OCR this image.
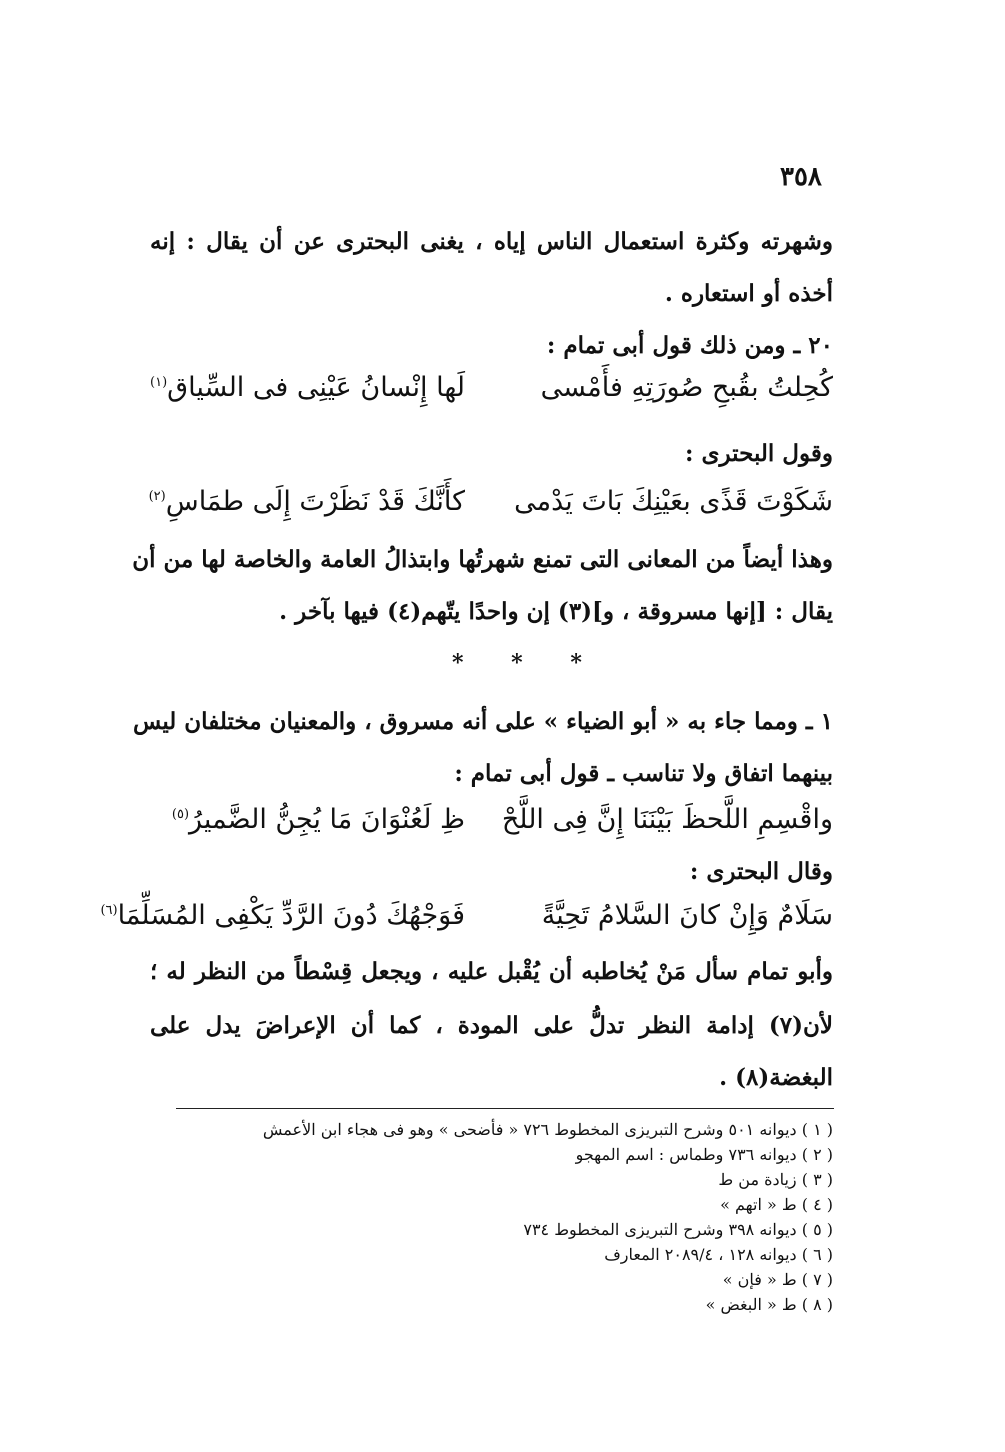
٣٥٨
وشهرته وكثرة استعمال الناس إياه ، يغنى البحترى عن أن يقال : إنه
أخذه أو استعاره .
٢٠ ـ ومن ذلك قول أبى تمام :
كُحِلتُ بقُبحِ صُورَتِهِ فأَمْسى
لَها إِنْسانُ عَيْنِى فى السِّياق$^{(١)}$
وقول البحترى :
شَكَوْتَ قَذًى بعَيْنِكَ بَاتَ يَدْمى
كأَنَّكَ قَدْ نَظَرْتَ إِلَى طمَاسِ$^{(٢)}$
وهذا أيضاً من المعانى التى تمنع شهرتُها وابتذالُ العامة والخاصة لها من أن
يقال : [إنها مسروقة ، و](٣) إن واحدًا يتّهم(٤) فيها بآخر .
* * *
١ ـ ومما جاء به « أبو الضياء » على أنه مسروق ، والمعنيان مختلفان ليس
بينهما اتفاق ولا تناسب ـ قول أبى تمام :
واقْسِمِ اللَّحظَ بَيْنَنَا إِنَّ فِى اللَّحْ
ظِ لَعُنْوَانَ مَا يُجِنُّ الضَّميرُ$^{(٥)}$
وقال البحترى :
سَلَامٌ وَإِنْ كانَ السَّلامُ تَحِيَّةً
فَوَجْهُكَ دُونَ الرَّدِّ يَكْفِى المُسَلِّمَا$^{(٦)}$
وأبو تمام سأل مَنْ يُخاطبه أن يُقْبل عليه ، ويجعل قِسْطاً من النظر له ؛
لأن(٧) إدامة النظر تدلُّ على المودة ، كما أن الإعراضَ يدل على
البغضة(٨) .
( ١ ) ديوانه ٥٠١ وشرح التبريزى المخطوط ٧٢٦ « فأضحى » وهو فى هجاء ابن الأعمش
( ٢ ) ديوانه ٧٣٦ وطماس : اسم المهجو
( ٣ ) زيادة من ط
( ٤ ) ط « اتهم »
( ٥ ) ديوانه ٣٩٨ وشرح التبريزى المخطوط ٧٣٤
( ٦ ) ديوانه ١٢٨ ، ٢٠٨٩/٤ المعارف
( ٧ ) ط « فإن »
( ٨ ) ط « البغض »
